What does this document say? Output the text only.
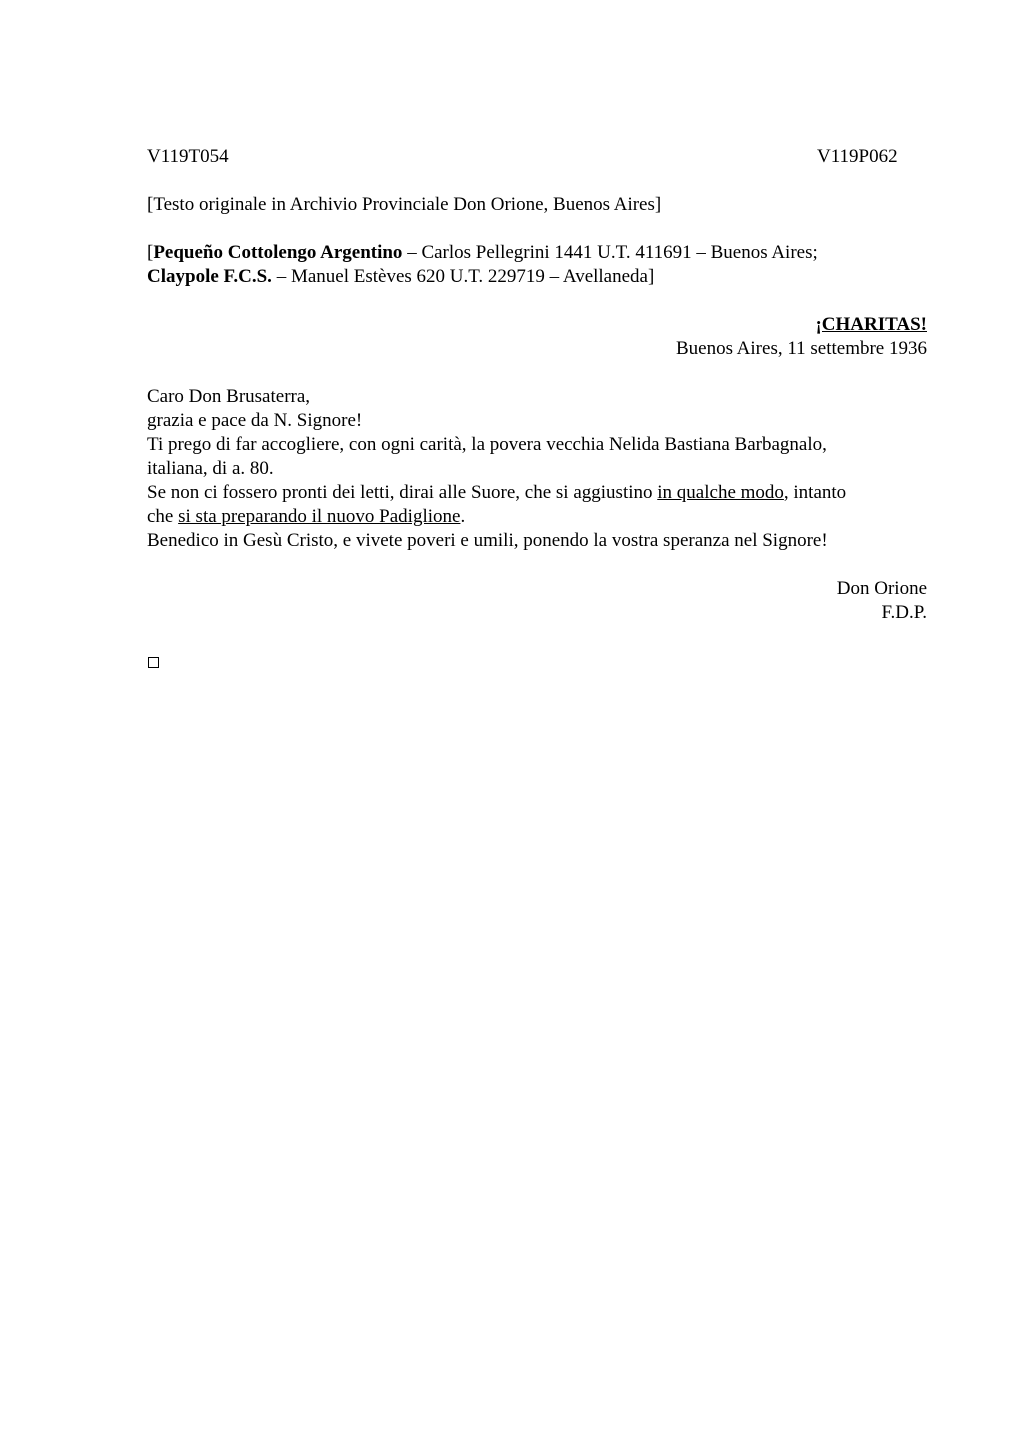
V119T054	V119P062

[Testo originale in Archivio Provinciale Don Orione, Buenos Aires]

[Pequeño Cottolengo Argentino – Carlos Pellegrini 1441 U.T. 411691 – Buenos Aires;
Claypole F.C.S. – Manuel Estèves 620 U.T. 229719 – Avellaneda]
¡CHARITAS!
Buenos Aires, 11 settembre 1936
Caro Don Brusaterra,
grazia e pace da N. Signore!
Ti prego di far accogliere, con ogni carità, la povera vecchia Nelida Bastiana Barbagnalo,
italiana, di a. 80.
Se non ci fossero pronti dei letti, dirai alle Suore, che si aggiustino in qualche modo, intanto
che si sta preparando il nuovo Padiglione.
Benedico in Gesù Cristo, e vivete poveri e umili, ponendo la vostra speranza nel Signore!
Don Orione
F.D.P.
